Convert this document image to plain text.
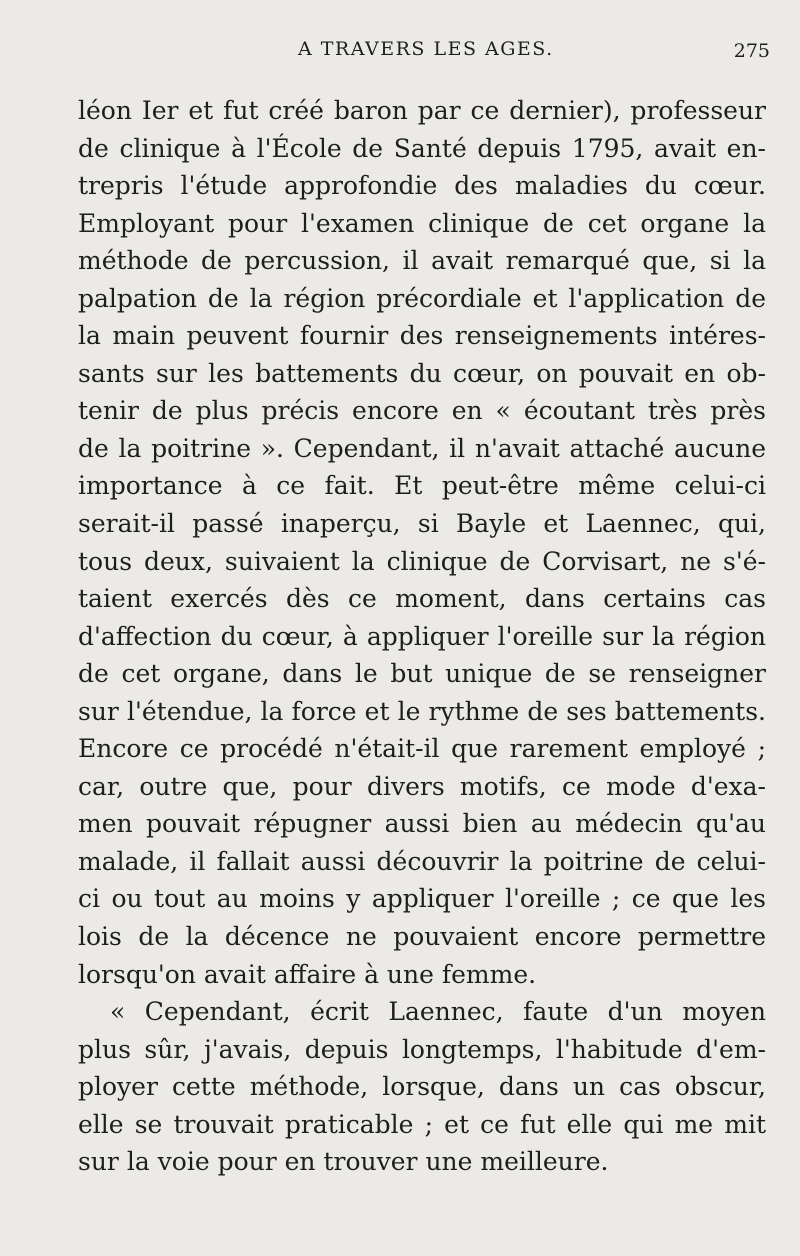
A TRAVERS LES AGES.	275
léon Ier et fut créé baron par ce dernier), professeur
de clinique à l'École de Santé depuis 1795, avait en-
trepris l'étude approfondie des maladies du cœur.
Employant pour l'examen clinique de cet organe la
méthode de percussion, il avait remarqué que, si la
palpation de la région précordiale et l'application de
la main peuvent fournir des renseignements intéres-
sants sur les battements du cœur, on pouvait en ob-
tenir de plus précis encore en « écoutant très près
de la poitrine ». Cependant, il n'avait attaché aucune
importance à ce fait. Et peut-être même celui-ci
serait-il passé inaperçu, si Bayle et Laennec, qui,
tous deux, suivaient la clinique de Corvisart, ne s'é-
taient exercés dès ce moment, dans certains cas
d'affection du cœur, à appliquer l'oreille sur la région
de cet organe, dans le but unique de se renseigner
sur l'étendue, la force et le rythme de ses battements.
Encore ce procédé n'était-il que rarement employé ;
car, outre que, pour divers motifs, ce mode d'exa-
men pouvait répugner aussi bien au médecin qu'au
malade, il fallait aussi découvrir la poitrine de celui-
ci ou tout au moins y appliquer l'oreille ; ce que les
lois de la décence ne pouvaient encore permettre
lorsqu'on avait affaire à une femme.
« Cependant, écrit Laennec, faute d'un moyen
plus sûr, j'avais, depuis longtemps, l'habitude d'em-
ployer cette méthode, lorsque, dans un cas obscur,
elle se trouvait praticable ; et ce fut elle qui me mit
sur la voie pour en trouver une meilleure.
